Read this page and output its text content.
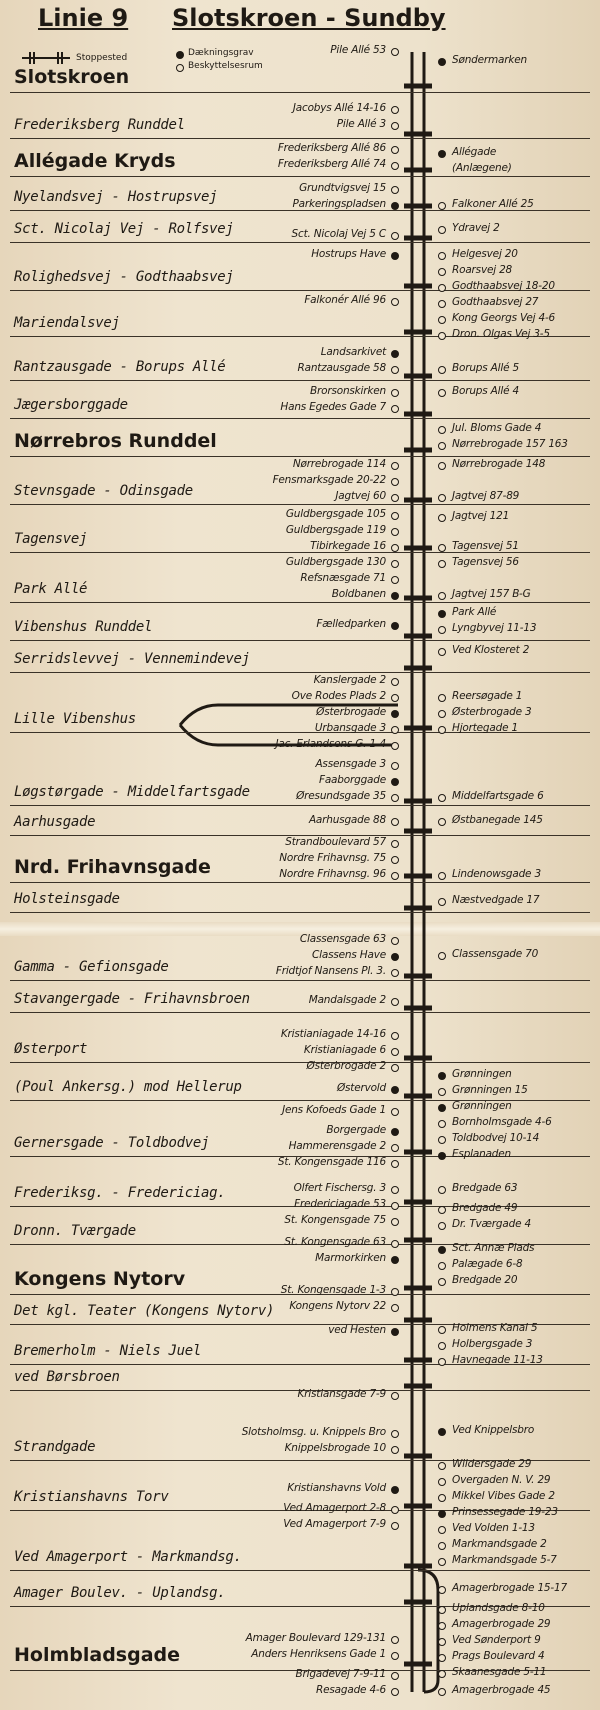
Linie 9 Slotskroen - Sundby
Stoppested	Dækningsgrav
Beskyttelsesrum
Slotskroen
Frederiksberg Runddel
Allégade Kryds
Nyelandsvej - Hostrupsvej
Sct. Nicolaj Vej - Rolfsvej
Rolighedsvej - Godthaabsvej
Mariendalsvej
Rantzausgade - Borups Allé
Jægersborggade
Nørrebros Runddel
Stevnsgade - Odinsgade
Tagensvej
Park Allé
Vibenshus Runddel
Serridslevvej - Vennemindevej
Lille Vibenshus
Løgstørgade - Middelfartsgade
Aarhusgade
Nrd. Frihavnsgade
Holsteinsgade
Gamma - Gefionsgade
Stavangergade - Frihavnsbroen
Østerport
(Poul Ankersg.) mod Hellerup
Gernersgade - Toldbodvej
Frederiksg. - Fredericiag.
Dronn. Tværgade
Kongens Nytorv
Det kgl. Teater (Kongens Nytorv)
Bremerholm - Niels Juel
ved Børsbroen
Strandgade
Kristianshavns Torv
Ved Amagerport - Markmandsg.
Amager Boulev. - Uplandsg.
Holmbladsgade
Pile Allé 53
Jacobys Allé 14-16
Pile Allé 3
Frederiksberg Allé 86
Frederiksberg Allé 74
Grundtvigsvej 15
Parkeringspladsen
Sct. Nicolaj Vej 5 C
Hostrups Have
Falkonér Allé 96
Landsarkivet
Rantzausgade 58
Brorsonskirken
Hans Egedes Gade 7
Nørrebrogade 114
Fensmarksgade 20-22
Jagtvej 60
Guldbergsgade 105
Guldbergsgade 119
Tibirkegade 16
Guldbergsgade 130
Refsnæsgade 71
Boldbanen
Fælledparken
Kanslergade 2
Ove Rodes Plads 2
Østerbrogade
Urbansgade 3
Jac. Erlandsens G. 1-4
Assensgade 3
Faaborggade
Øresundsgade 35
Aarhusgade 88
Strandboulevard 57
Nordre Frihavnsg. 75
Nordre Frihavnsg. 96
Classensgade 63
Classens Have
Fridtjof Nansens Pl. 3.
Mandalsgade 2
Kristianiagade 14-16
Kristianiagade 6
Østerbrogade 2
Østervold
Jens Kofoeds Gade 1
Borgergade
Hammerensgade 2
St. Kongensgade 116
Olfert Fischersg. 3
Fredericiagade 53
St. Kongensgade 75
St. Kongensgade 63
Marmorkirken
St. Kongensgade 1-3
Kongens Nytorv 22
ved Hesten
Kristiansgade 7-9
Slotsholmsg. u. Knippels Bro
Knippelsbrogade 10
Kristianshavns Vold
Ved Amagerport 2-8
Ved Amagerport 7-9
Amager Boulevard 129-131
Anders Henriksens Gade 1
Brigadevej 7-9-11
Resagade 4-6
Søndermarken
Allégade
(Anlægene)
Falkoner Allé 25
Ydravej 2
Helgesvej 20
Roarsvej 28
Godthaabsvej 18-20
Godthaabsvej 27
Kong Georgs Vej 4-6
Dron. Olgas Vej 3-5
Borups Allé 5
Borups Allé 4
Jul. Bloms Gade 4
Nørrebrogade 157 163
Nørrebrogade 148
Jagtvej 87-89
Jagtvej 121
Tagensvej 51
Tagensvej 56
Jagtvej 157 B-G
Park Allé
Lyngbyvej 11-13
Ved Klosteret 2
Reersøgade 1
Østerbrogade 3
Hjortegade 1
Middelfartsgade 6
Østbanegade 145
Lindenowsgade 3
Næstvedgade 17
Classensgade 70
Grønningen
Grønningen 15
Grønningen
Bornholmsgade 4-6
Toldbodvej 10-14
Esplanaden
Bredgade 63
Bredgade 49
Dr. Tværgade 4
Sct. Annæ Plads
Palægade 6-8
Bredgade 20
Holmens Kanal 5
Holbergsgade 3
Havnegade 11-13
Ved Knippelsbro
Wildersgade 29
Overgaden N. V. 29
Mikkel Vibes Gade 2
Prinsessegade 19-23
Ved Volden 1-13
Markmandsgade 2
Markmandsgade 5-7
Amagerbrogade 15-17
Uplandsgade 8-10
Amagerbrogade 29
Ved Sønderport 9
Prags Boulevard 4
Skaanesgade 5-11
Amagerbrogade 45
